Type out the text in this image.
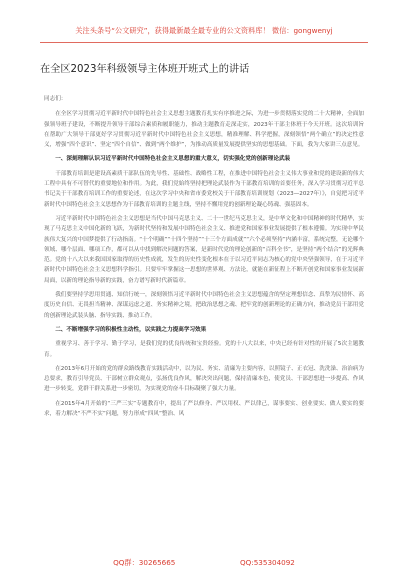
关注头条号“公文研究”，获得最新最全最专业的公文资料库！ 微信：gongwenyj
在全区2023年科级领导主体班开班式上的讲话

同志们：

在全区学习贯彻习近平新时代中国特色社会主义思想主题教育扎实有序推进之际，为进一步贯彻落实党的二十大精神，全面加强领导班子建设，不断提升领导干部综合素质和履职能力，推动主题教育走深走实，2023年干部主体班于今天开班。这次培训旨在帮助广大领导干部更好学习贯彻习近平新时代中国特色社会主义思想，精准理解、科学把握，深刻领悟“两个确立”的决定性意义，增强“四个意识”、坚定“四个自信”、做到“两个维护”，为推动高质量发展提供坚实的思想基础。下面，我为大家讲三点意见。

一、深刻理解认识习近平新时代中国特色社会主义思想的重大意义，切实强化党的创新理论武装

干部教育培训是建设高素质干部队伍的先导性、基础性、战略性工程，在推进中国特色社会主义伟大事业和党的建设新的伟大工程中具有不可替代的重要地位和作用。为此，我们党始终坚持把理论武装作为干部教育培训的首要任务，深入学习贯彻习近平总书记关于干部教育培训工作的重要论述，在这次学习中央和省市委党校关于干部教育培训规划（2023—2027年）》，自觉把习近平新时代中国特色社会主义思想作为干部教育培训的主题主线，坚持不懈用党的创新理论凝心铸魂、强基固本。

习近平新时代中国特色社会主义思想是当代中国马克思主义、二十一世纪马克思主义，是中华文化和中国精神的时代精华，实现了马克思主义中国化新的飞跃，为新时代坚持和发展中国特色社会主义、推进党和国家事业发展提供了根本遵循。为实现中华民族伟大复兴的中国梦提供了行动指南。“十个明确”“十四个坚持”“十三个方面成就”“六个必须坚持”内涵丰富，系统完整，无论哪个领域、哪个层面、哪项工作，都可以从中找到解决问题的答案，是新时代党的理论创新的“百科全书”，是坚持“两个结合”的光辉典范。党的十八大以来我国国家取得的历史性成就，发生的历史性变化根本在于以习近平同志为核心的党中央坚强领导，在于习近平新时代中国特色社会主义思想科学指引。只要牢牢掌握这一思想的世界观、方法论，就能在新征程上不断开创党和国家事业发展新局面，以新的理论指导新的实践，奋力谱写新时代新篇章。

我们要坚持学思用贯通、知信行统一，深刻领悟习近平新时代中国特色社会主义思想蕴含的坚定理想信念、真挚为民情怀、高度历史自信、无畏担当精神、深谋远虑之道、务实精神之境，把政治思想之魂、把牢党的创新理论的正确方向，推动党员干部用党的创新理论武装头脑、指导实践、推动工作。

二、不断增强学习的积极性主动性，以实践之力提高学习效果

重视学习、善于学习、勤于学习，是我们党的优良传统和宝贵经验。党的十八大以来，中央已经有针对性的开展了5次主题教育。

在2013年6月开始的党的群众路线教育实践活动中，以为民、务实、清廉为主要内容，以照镜子、正衣冠、洗洗澡、治治病为总要求，教育引导党员、干部树立群众观点，弘扬优良作风，解决突出问题，保持清廉本色，使党员、干部思想进一步提高、作风进一步转变，党群干群关系进一步密切，为实现党的奋斗目标凝聚了强大力量。

在2015年4月开始的“三严三实”专题教育中，提出了严以修身、严以用权、严以律己，谋事要实、创业要实、做人要实的要求，着力解决“不严不实”问题，努力形成“四风”整治、风

QQ群：30265665	QQ:535304092
